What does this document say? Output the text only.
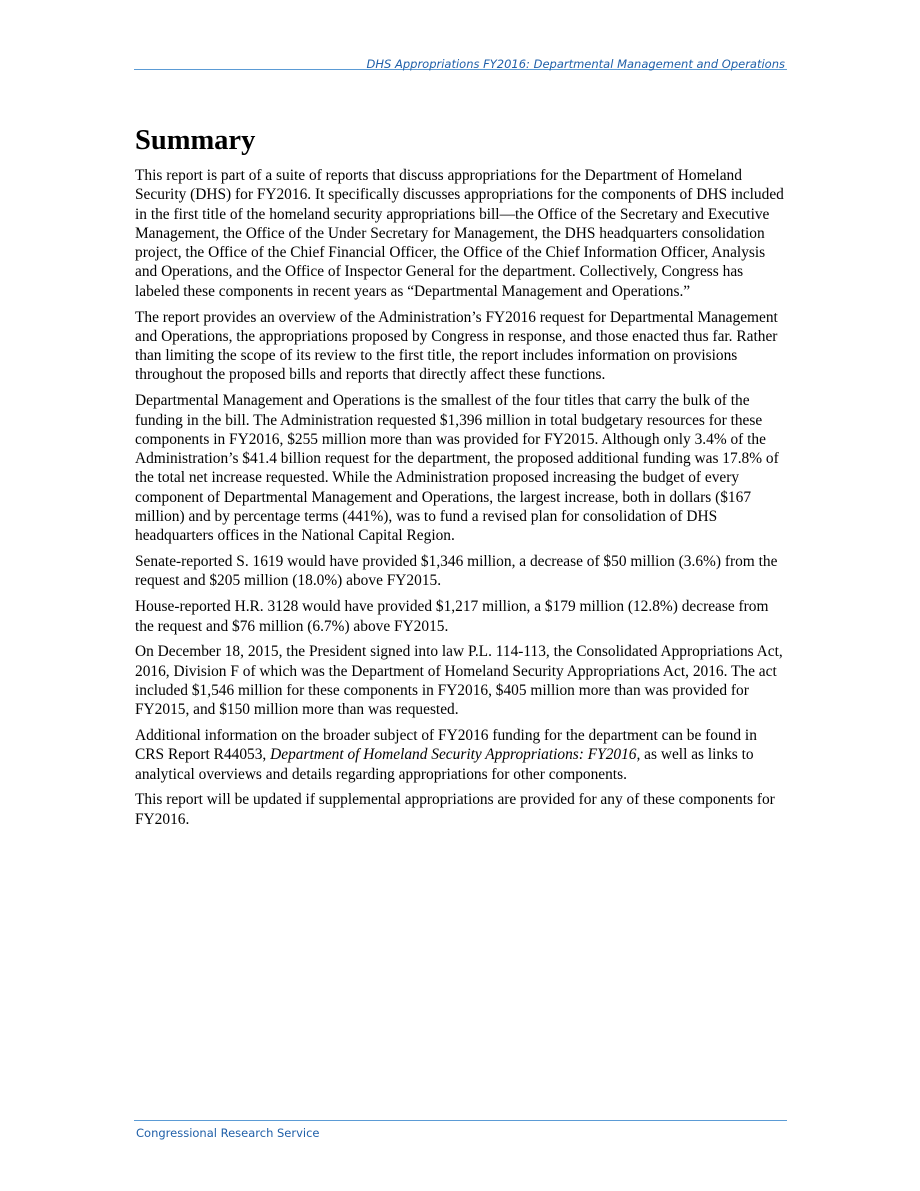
DHS Appropriations FY2016: Departmental Management and Operations
Summary

This report is part of a suite of reports that discuss appropriations for the Department of Homeland Security (DHS) for FY2016. It specifically discusses appropriations for the components of DHS included in the first title of the homeland security appropriations bill—the Office of the Secretary and Executive Management, the Office of the Under Secretary for Management, the DHS headquarters consolidation project, the Office of the Chief Financial Officer, the Office of the Chief Information Officer, Analysis and Operations, and the Office of Inspector General for the department. Collectively, Congress has labeled these components in recent years as “Departmental Management and Operations.”

The report provides an overview of the Administration’s FY2016 request for Departmental Management and Operations, the appropriations proposed by Congress in response, and those enacted thus far. Rather than limiting the scope of its review to the first title, the report includes information on provisions throughout the proposed bills and reports that directly affect these functions.

Departmental Management and Operations is the smallest of the four titles that carry the bulk of the funding in the bill. The Administration requested $1,396 million in total budgetary resources for these components in FY2016, $255 million more than was provided for FY2015. Although only 3.4% of the Administration’s $41.4 billion request for the department, the proposed additional funding was 17.8% of the total net increase requested. While the Administration proposed increasing the budget of every component of Departmental Management and Operations, the largest increase, both in dollars ($167 million) and by percentage terms (441%), was to fund a revised plan for consolidation of DHS headquarters offices in the National Capital Region.

Senate-reported S. 1619 would have provided $1,346 million, a decrease of $50 million (3.6%) from the request and $205 million (18.0%) above FY2015.

House-reported H.R. 3128 would have provided $1,217 million, a $179 million (12.8%) decrease from the request and $76 million (6.7%) above FY2015.

On December 18, 2015, the President signed into law P.L. 114-113, the Consolidated Appropriations Act, 2016, Division F of which was the Department of Homeland Security Appropriations Act, 2016. The act included $1,546 million for these components in FY2016, $405 million more than was provided for FY2015, and $150 million more than was requested.

Additional information on the broader subject of FY2016 funding for the department can be found in CRS Report R44053, Department of Homeland Security Appropriations: FY2016, as well as links to analytical overviews and details regarding appropriations for other components.

This report will be updated if supplemental appropriations are provided for any of these components for FY2016.

Congressional Research Service
